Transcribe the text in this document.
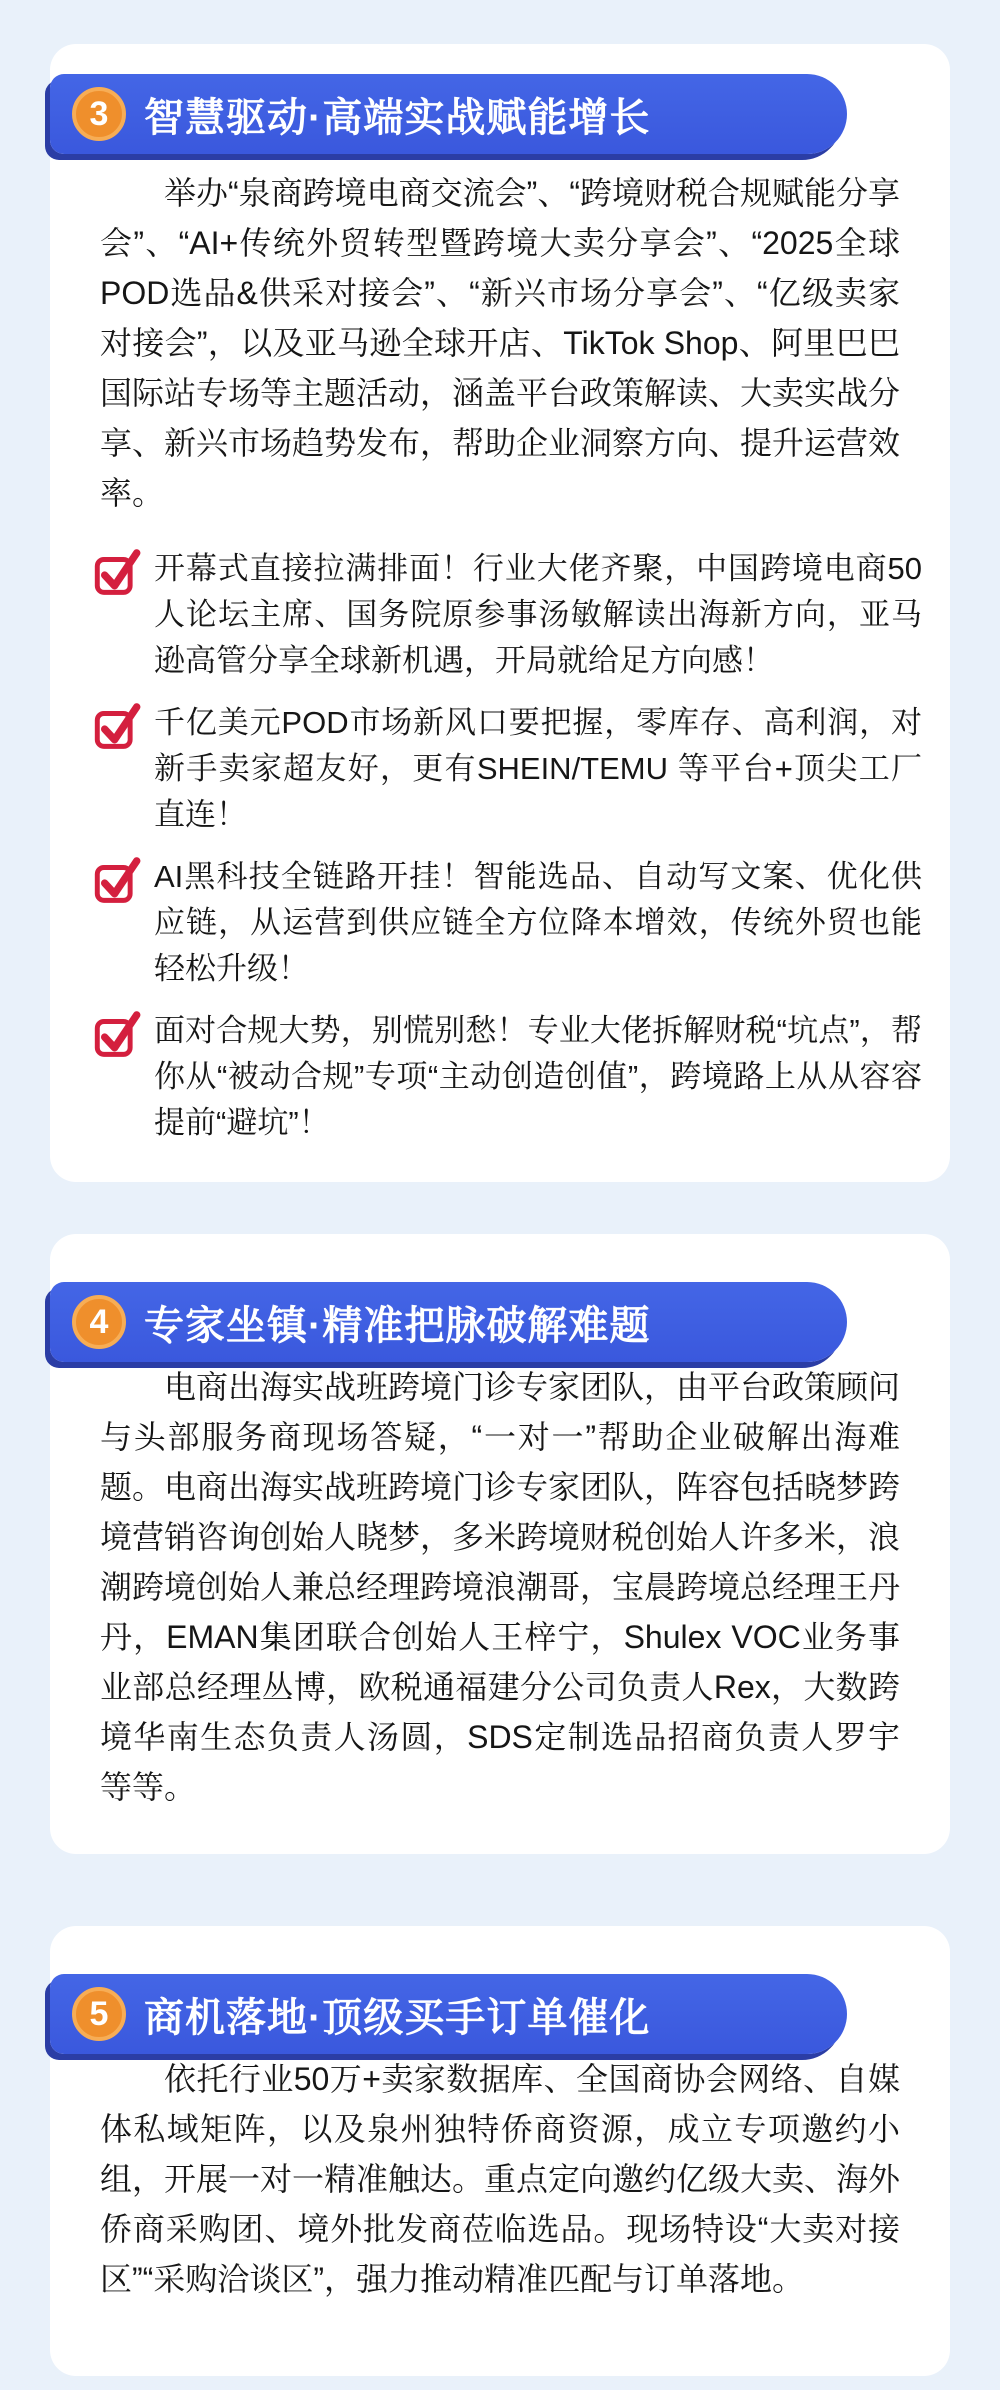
3 智慧驱动·高端实战赋能增长

举办“泉商跨境电商交流会”、“跨境财税合规赋能分享会”、“AI+传统外贸转型暨跨境大卖分享会”、“2025全球POD选品&供采对接会”、“新兴市场分享会”、“亿级卖家对接会”，以及亚马逊全球开店、TikTok Shop、阿里巴巴国际站专场等主题活动，涵盖平台政策解读、大卖实战分享、新兴市场趋势发布，帮助企业洞察方向、提升运营效率。

开幕式直接拉满排面！行业大佬齐聚，中国跨境电商50人论坛主席、国务院原参事汤敏解读出海新方向，亚马逊高管分享全球新机遇，开局就给足方向感！
千亿美元POD市场新风口要把握，零库存、高利润，对新手卖家超友好，更有SHEIN/TEMU 等平台+顶尖工厂直连！
AI黑科技全链路开挂！智能选品、自动写文案、优化供应链，从运营到供应链全方位降本增效，传统外贸也能轻松升级！
面对合规大势，别慌别愁！专业大佬拆解财税“坑点”，帮你从“被动合规”专项“主动创造创值”，跨境路上从从容容提前“避坑”！
4 专家坐镇·精准把脉破解难题

电商出海实战班跨境门诊专家团队，由平台政策顾问与头部服务商现场答疑，“一对一”帮助企业破解出海难题。电商出海实战班跨境门诊专家团队，阵容包括晓梦跨境营销咨询创始人晓梦，多米跨境财税创始人许多米，浪潮跨境创始人兼总经理跨境浪潮哥，宝晨跨境总经理王丹丹，EMAN集团联合创始人王梓宁，Shulex VOC业务事业部总经理丛博，欧税通福建分公司负责人Rex，大数跨境华南生态负责人汤圆，SDS定制选品招商负责人罗宇等等。

5 商机落地·顶级买手订单催化

依托行业50万+卖家数据库、全国商协会网络、自媒体私域矩阵，以及泉州独特侨商资源，成立专项邀约小组，开展一对一精准触达。重点定向邀约亿级大卖、海外侨商采购团、境外批发商莅临选品。现场特设“大卖对接区”“采购洽谈区”，强力推动精准匹配与订单落地。
